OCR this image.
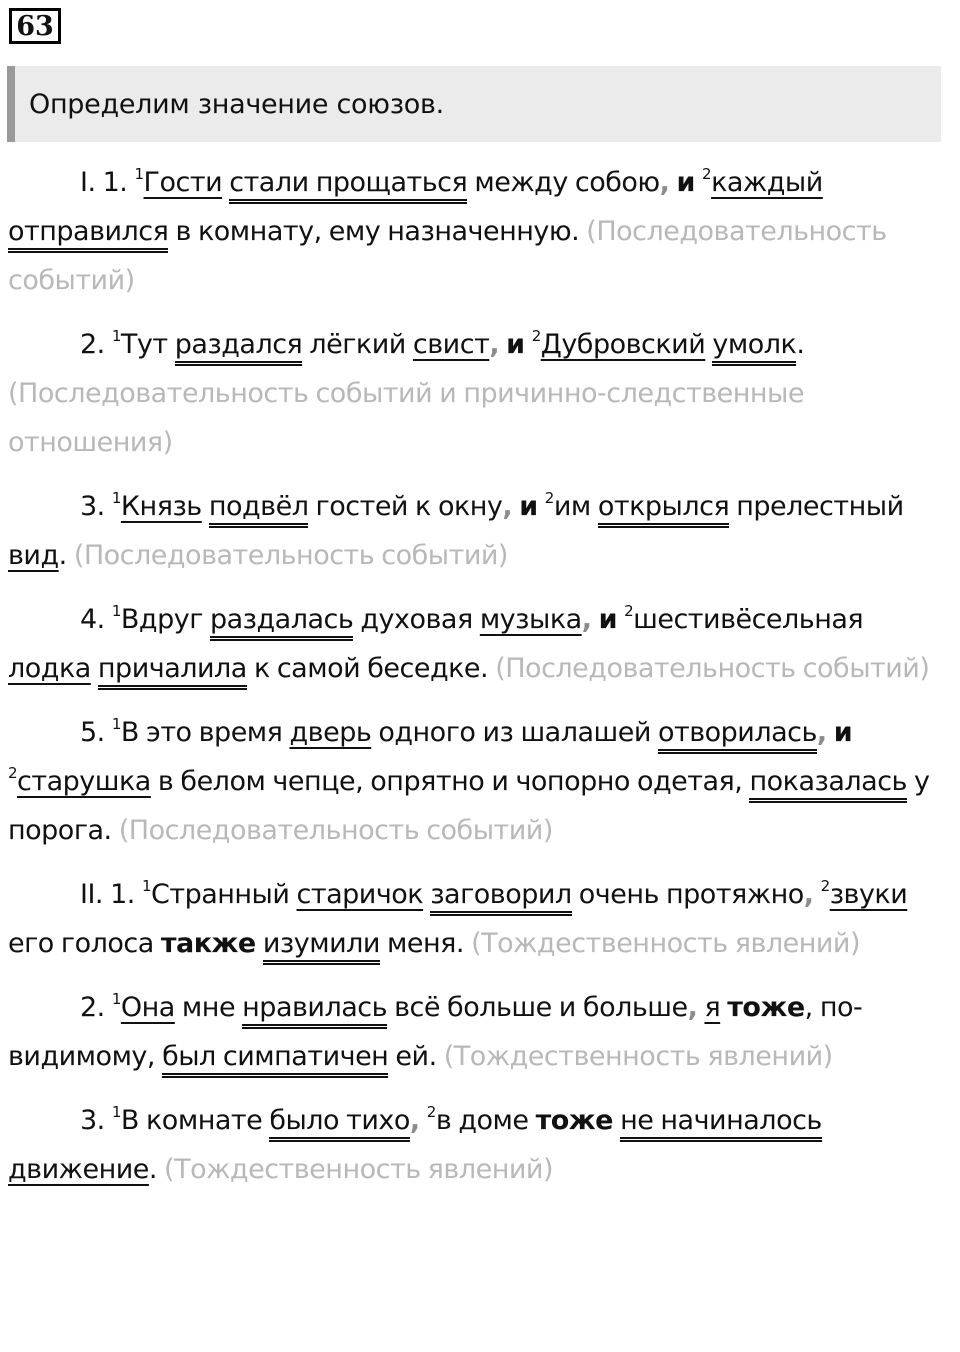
63
Определим значение союзов.

I. 1. $^1$Гости стали прощаться между собою, и $^2$каждый отправился в комнату, ему назначенную. (Последовательность событий)

2. $^1$Тут раздался лёгкий свист, и $^2$Дубровский умолк. (Последовательность событий и причинно-следственные отношения)

3. $^1$Князь подвёл гостей к окну, и $^2$им открылся прелестный вид. (Последовательность событий)

4. $^1$Вдруг раздалась духовая музыка, и $^2$шестивёсельная лодка причалила к самой беседке. (Последовательность событий)

5. $^1$В это время дверь одного из шалашей отворилась, и $^2$старушка в белом чепце, опрятно и чопорно одетая, показалась у порога. (Последовательность событий)

II. 1. $^1$Странный старичок заговорил очень протяжно, $^2$звуки его голоса также изумили меня. (Тождественность явлений)

2. $^1$Она мне нравилась всё больше и больше, я тоже, по-видимому, был симпатичен ей. (Тождественность явлений)

3. $^1$В комнате было тихо, $^2$в доме тоже не начиналось движение. (Тождественность явлений)
